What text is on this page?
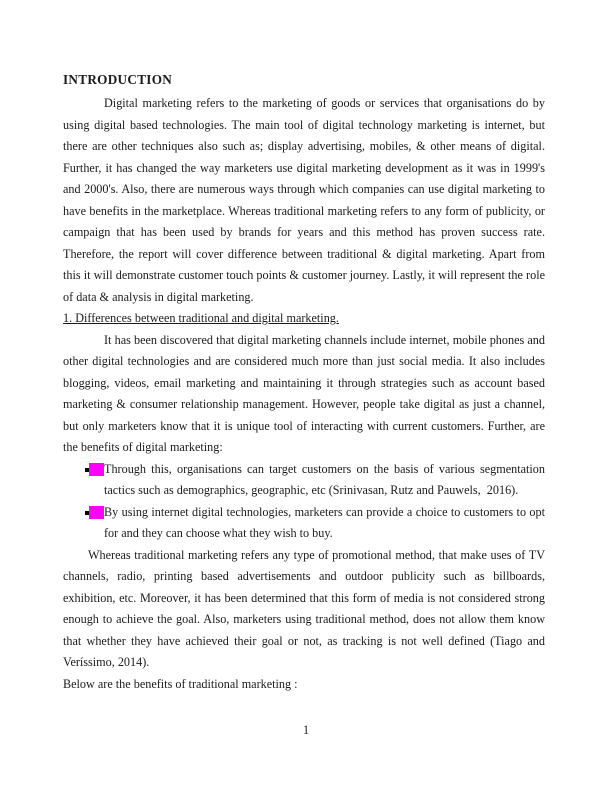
INTRODUCTION

Digital marketing refers to the marketing of goods or services that organisations do by using digital based technologies. The main tool of digital technology marketing is internet, but there are other techniques also such as; display advertising, mobiles, & other means of digital. Further, it has changed the way marketers use digital marketing development as it was in 1999's and 2000's. Also, there are numerous ways through which companies can use digital marketing to have benefits in the marketplace. Whereas traditional marketing refers to any form of publicity, or campaign that has been used by brands for years and this method has proven success rate. Therefore, the report will cover difference between traditional & digital marketing. Apart from this it will demonstrate customer touch points & customer journey. Lastly, it will represent the role of data & analysis in digital marketing.

1. Differences between traditional and digital marketing.

It has been discovered that digital marketing channels include internet, mobile phones and other digital technologies and are considered much more than just social media. It also includes blogging, videos, email marketing and maintaining it through strategies such as account based marketing & consumer relationship management. However, people take digital as just a channel, but only marketers know that it is unique tool of interacting with current customers. Further, are the benefits of digital marketing:

Through this, organisations can target customers on the basis of various segmentation tactics such as demographics, geographic, etc (Srinivasan, Rutz and Pauwels,  2016).
By using internet digital technologies, marketers can provide a choice to customers to opt for and they can choose what they wish to buy.

Whereas traditional marketing refers any type of promotional method, that make uses of TV channels, radio, printing based advertisements and outdoor publicity such as billboards, exhibition, etc. Moreover, it has been determined that this form of media is not considered strong enough to achieve the goal. Also, marketers using traditional method, does not allow them know that whether they have achieved their goal or not, as tracking is not well defined (Tiago and Veríssimo, 2014).

Below are the benefits of traditional marketing :

1
